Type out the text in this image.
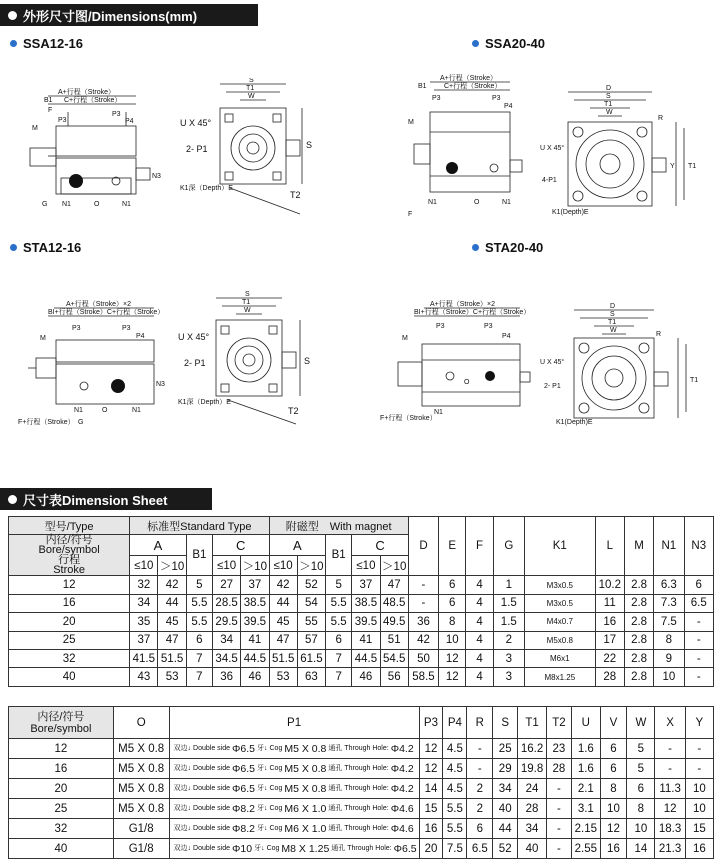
外形尺寸图/Dimensions(mm)
SSA12-16	SSA20-40
STA12-16	STA20-40
A+行程（Stroke）
C+行程（Stroke）
B1
F
P3
P3
P4
M
N3
G N1	O	N1
S
T1
W
U X 45°
2- P1	S
K1深（Depth）E
T2
A+行程（Stroke）
C+行程（Stroke）
B1
P3	P3
P4
M
N1	O	N1
F
D
S
T1
W
R
U X 45°
4-P1
K1(Depth)E
Y T1
A+行程（Stroke）×2
BI+行程（Stroke）C+行程（Stroke）
P3	P3
P4
M
N3
N1	O	N1
F+行程（Stroke） G
S
T1
W
U X 45°
2- P1	S
K1深（Depth）E
T2
A+行程（Stroke）×2
BI+行程（Stroke）C+行程（Stroke）
P3	P3
P4
M
O
N1
F+行程（Stroke）
D
S
T1
W
R
U X 45°
2- P1
K1(Depth)E
T1
尺寸表Dimension Sheet
型号/Type	标准型Standard Type					附磁型　With magnet					D	E	F	G	K1	L	M	N1	N3
内径/符号
Bore/symbol
行程
Stroke	A		B1	C		A		B1	C										
	≤10	＞10		≤10	＞10	≤10	＞10		≤10	＞10									
12	32	42	5	27	37	42	52	5	37	47	-	6	4	1	M3x0.5	10.2	2.8	6.3	6
16	34	44	5.5	28.5	38.5	44	54	5.5	38.5	48.5	-	6	4	1.5	M3x0.5	11	2.8	7.3	6.5
20	35	45	5.5	29.5	39.5	45	55	5.5	39.5	49.5	36	8	4	1.5	M4x0.7	16	2.8	7.5	-
25	37	47	6	34	41	47	57	6	41	51	42	10	4	2	M5x0.8	17	2.8	8	-
32	41.5	51.5	7	34.5	44.5	51.5	61.5	7	44.5	54.5	50	12	4	3	M6x1	22	2.8	9	-
40	43	53	7	36	46	53	63	7	46	56	58.5	12	4	3	M8x1.25	28	2.8	10	-
内径/符号
Bore/symbol	O	P1	P3	P4	R	S	T1	T2	U	V	W	X	Y
12	M5 X 0.8	双边↓ Double side Φ6.5 牙↓ Cog M5 X 0.8 通孔 Through Hole: Φ4.2	12	4.5	-	25	16.2	23	1.6	6	5	-	-
16	M5 X 0.8	双边↓ Double side Φ6.5 牙↓ Cog M5 X 0.8 通孔 Through Hole: Φ4.2	12	4.5	-	29	19.8	28	1.6	6	5	-	-
20	M5 X 0.8	双边↓ Double side Φ6.5 牙↓ Cog M5 X 0.8 通孔 Through Hole: Φ4.2	14	4.5	2	34	24	-	2.1	8	6	11.3	10
25	M5 X 0.8	双边↓ Double side Φ8.2 牙↓ Cog M6 X 1.0 通孔 Through Hole: Φ4.6	15	5.5	2	40	28	-	3.1	10	8	12	10
32	G1/8	双边↓ Double side Φ8.2 牙↓ Cog M6 X 1.0 通孔 Through Hole: Φ4.6	16	5.5	6	44	34	-	2.15	12	10	18.3	15
40	G1/8	双边↓ Double side Φ10 牙↓ Cog M8 X 1.25 通孔 Through Hole: Φ6.5	20	7.5	6.5	52	40	-	2.55	16	14	21.3	16
